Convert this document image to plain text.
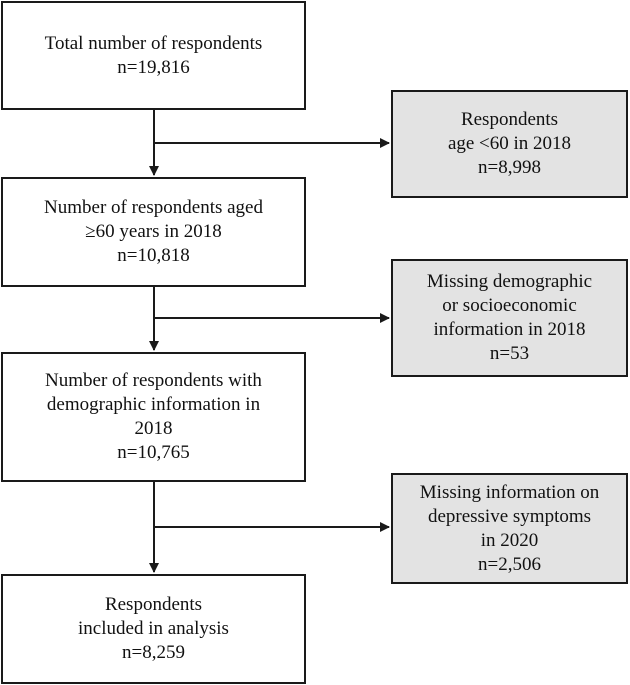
Total number of respondents
n=19,816
Number of respondents aged
≥60 years in 2018
n=10,818
Number of respondents with
demographic information in
2018
n=10,765
Respondents
included in analysis
n=8,259
Respondents
age <60 in 2018
n=8,998
Missing demographic
or socioeconomic
information in 2018
n=53
Missing information on
depressive symptoms
in 2020
n=2,506
